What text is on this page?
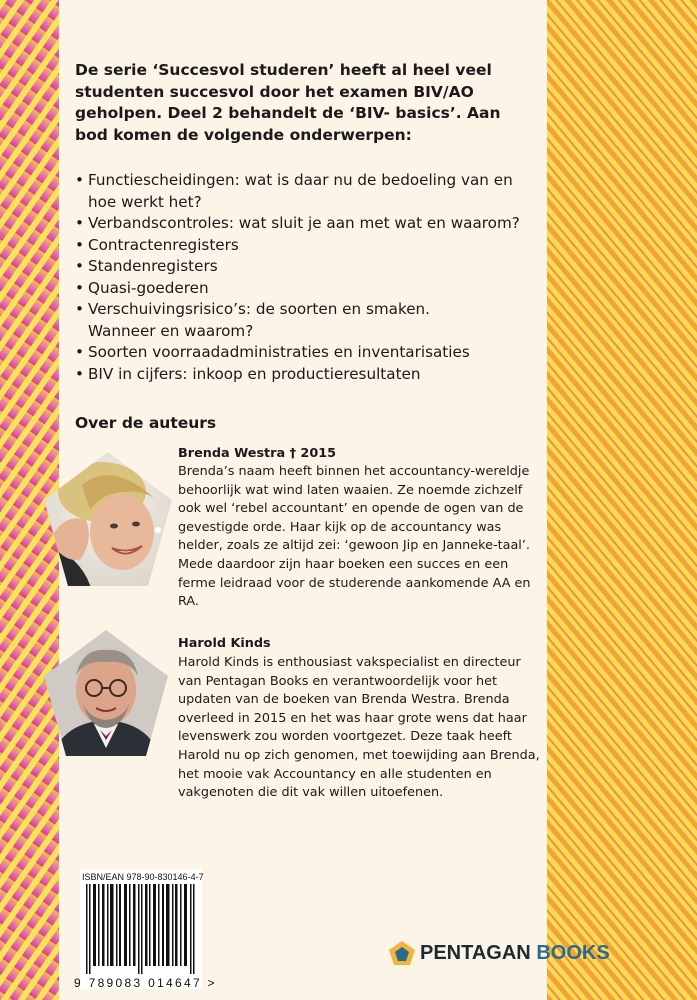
De serie ‘Succesvol studeren’ heeft al heel veel studenten succesvol door het examen BIV/AO geholpen. Deel 2 behandelt de ‘BIV- basics’. Aan bod komen de volgende onderwerpen:

• Functiescheidingen: wat is daar nu de bedoeling van en
hoe werkt het?
• Verbandscontroles: wat sluit je aan met wat en waarom?
• Contractenregisters
• Standenregisters
• Quasi-goederen
• Verschuivingsrisico’s: de soorten en smaken.
Wanneer en waarom?
• Soorten voorraadadministraties en inventarisaties
• BIV in cijfers: inkoop en productieresultaten
Over de auteurs
Brenda Westra † 2015

Brenda’s naam heeft binnen het accountancy-wereldje behoorlijk wat wind laten waaien. Ze noemde zichzelf ook wel ‘rebel accountant’ en opende de ogen van de gevestigde orde. Haar kijk op de accountancy was helder, zoals ze altijd zei: ‘gewoon Jip en Janneke-taal’. Mede daardoor zijn haar boeken een succes en een ferme leidraad voor de studerende aankomende AA en RA.

Harold Kinds

Harold Kinds is enthousiast vakspecialist en directeur van Pentagan Books en verantwoordelijk voor het updaten van de boeken van Brenda Westra. Brenda overleed in 2015 en het was haar grote wens dat haar levenswerk zou worden voortgezet. Deze taak heeft Harold nu op zich genomen, met toewijding aan Brenda, het mooie vak Accountancy en alle studenten en vakgenoten die dit vak willen uitoefenen.

ISBN/EAN 978-90-830146-4-7
9 789083 014647 >
PENTAGAN BOOKS
